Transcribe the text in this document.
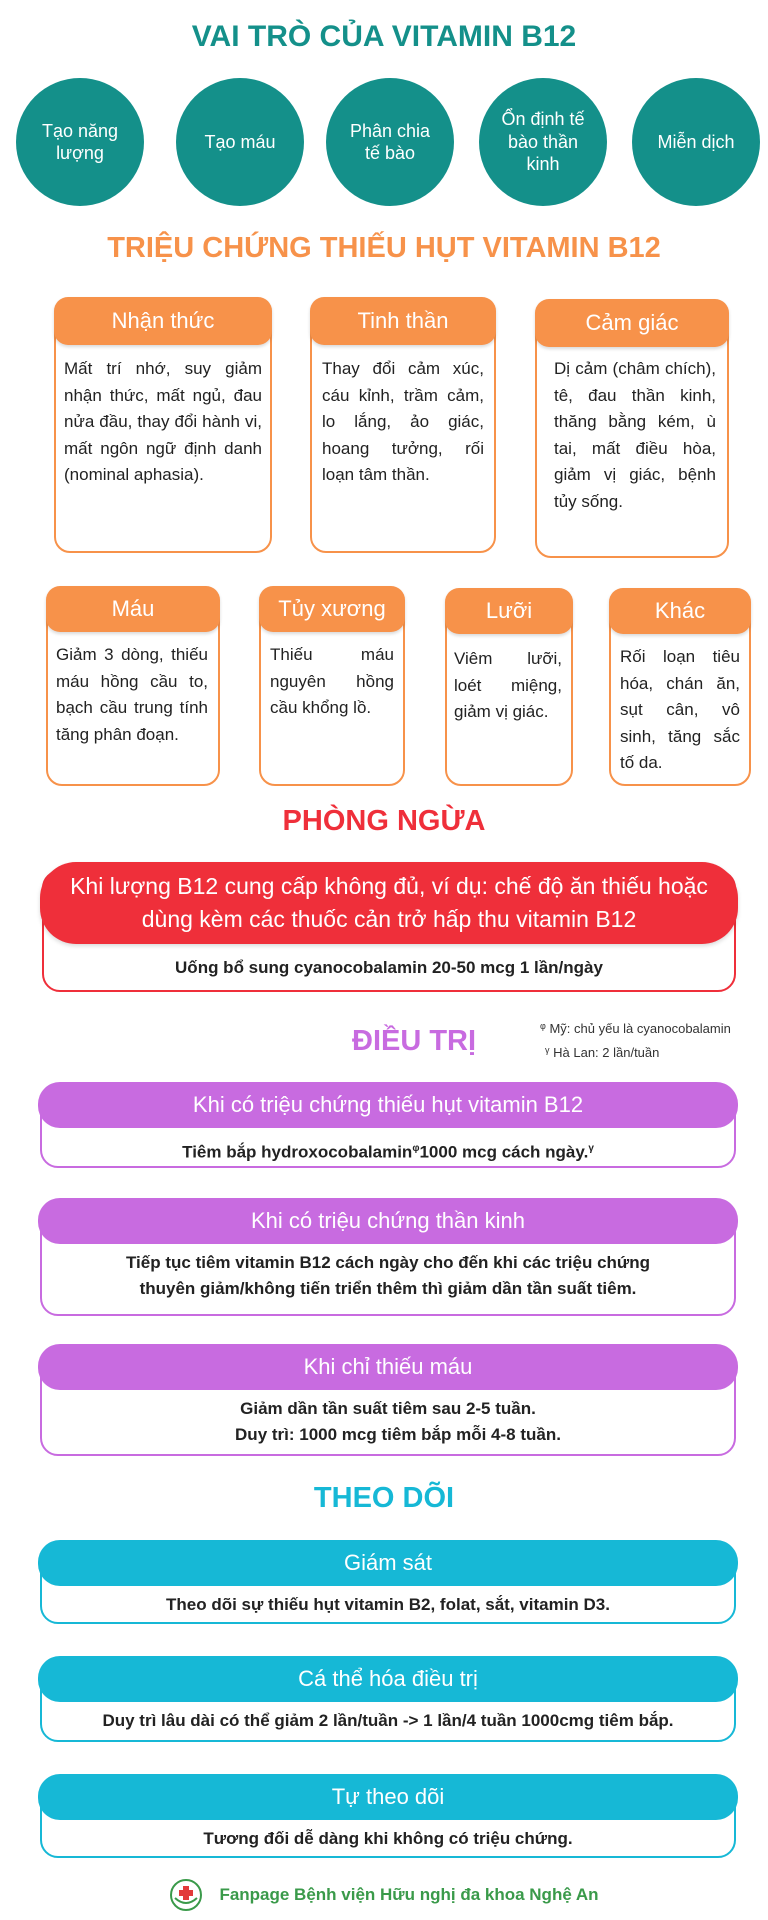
VAI TRÒ CỦA VITAMIN B12
Tạo năng lượng
Tạo máu
Phân chia tế bào
Ổn định tế bào thần kinh
Miễn dịch
TRIỆU CHỨNG THIẾU HỤT VITAMIN B12
Nhận thức
Mất trí nhớ, suy giảm nhận thức, mất ngủ, đau nửa đầu, thay đổi hành vi, mất ngôn ngữ định danh (nominal aphasia).
Tinh thần
Thay đổi cảm xúc, cáu kỉnh, trầm cảm, lo lắng, ảo giác, hoang tưởng, rối loạn tâm thần.
Cảm giác
Dị cảm (châm chích), tê, đau thần kinh, thăng bằng kém, ù tai, mất điều hòa, giảm vị giác, bệnh tủy sống.
Máu
Giảm 3 dòng, thiếu máu hồng cầu to, bạch cầu trung tính tăng phân đoạn.
Tủy xương
Thiếu máu nguyên hồng cầu khổng lồ.
Lưỡi
Viêm lưỡi, loét miệng, giảm vị giác.
Khác
Rối loạn tiêu hóa, chán ăn, sụt cân, vô sinh, tăng sắc tố da.
PHÒNG NGỪA
Khi lượng B12 cung cấp không đủ, ví dụ: chế độ ăn thiếu hoặc dùng kèm các thuốc cản trở hấp thu vitamin B12
Uống bổ sung cyanocobalamin 20-50 mcg 1 lần/ngày
ĐIỀU TRỊ	$^\varphi$ Mỹ: chủ yếu là cyanocobalamin
$^\gamma$ Hà Lan: 2 lần/tuần
Khi có triệu chứng thiếu hụt vitamin B12
Tiêm bắp hydroxocobalamin$^\varphi$1000 mcg cách ngày.$^\gamma$
Khi có triệu chứng thần kinh
Tiếp tục tiêm vitamin B12 cách ngày cho đến khi các triệu chứng
thuyên giảm/không tiến triển thêm thì giảm dần tần suất tiêm.
Khi chỉ thiếu máu
Giảm dần tần suất tiêm sau 2-5 tuần.
Duy trì: 1000 mcg tiêm bắp mỗi 4-8 tuần.
THEO DÕI
Giám sát
Theo dõi sự thiếu hụt vitamin B2, folat, sắt, vitamin D3.
Cá thể hóa điều trị
Duy trì lâu dài có thể giảm 2 lần/tuần -> 1 lần/4 tuần 1000cmg tiêm bắp.
Tự theo dõi
Tương đối dễ dàng khi không có triệu chứng.
Fanpage Bệnh viện Hữu nghị đa khoa Nghệ An
